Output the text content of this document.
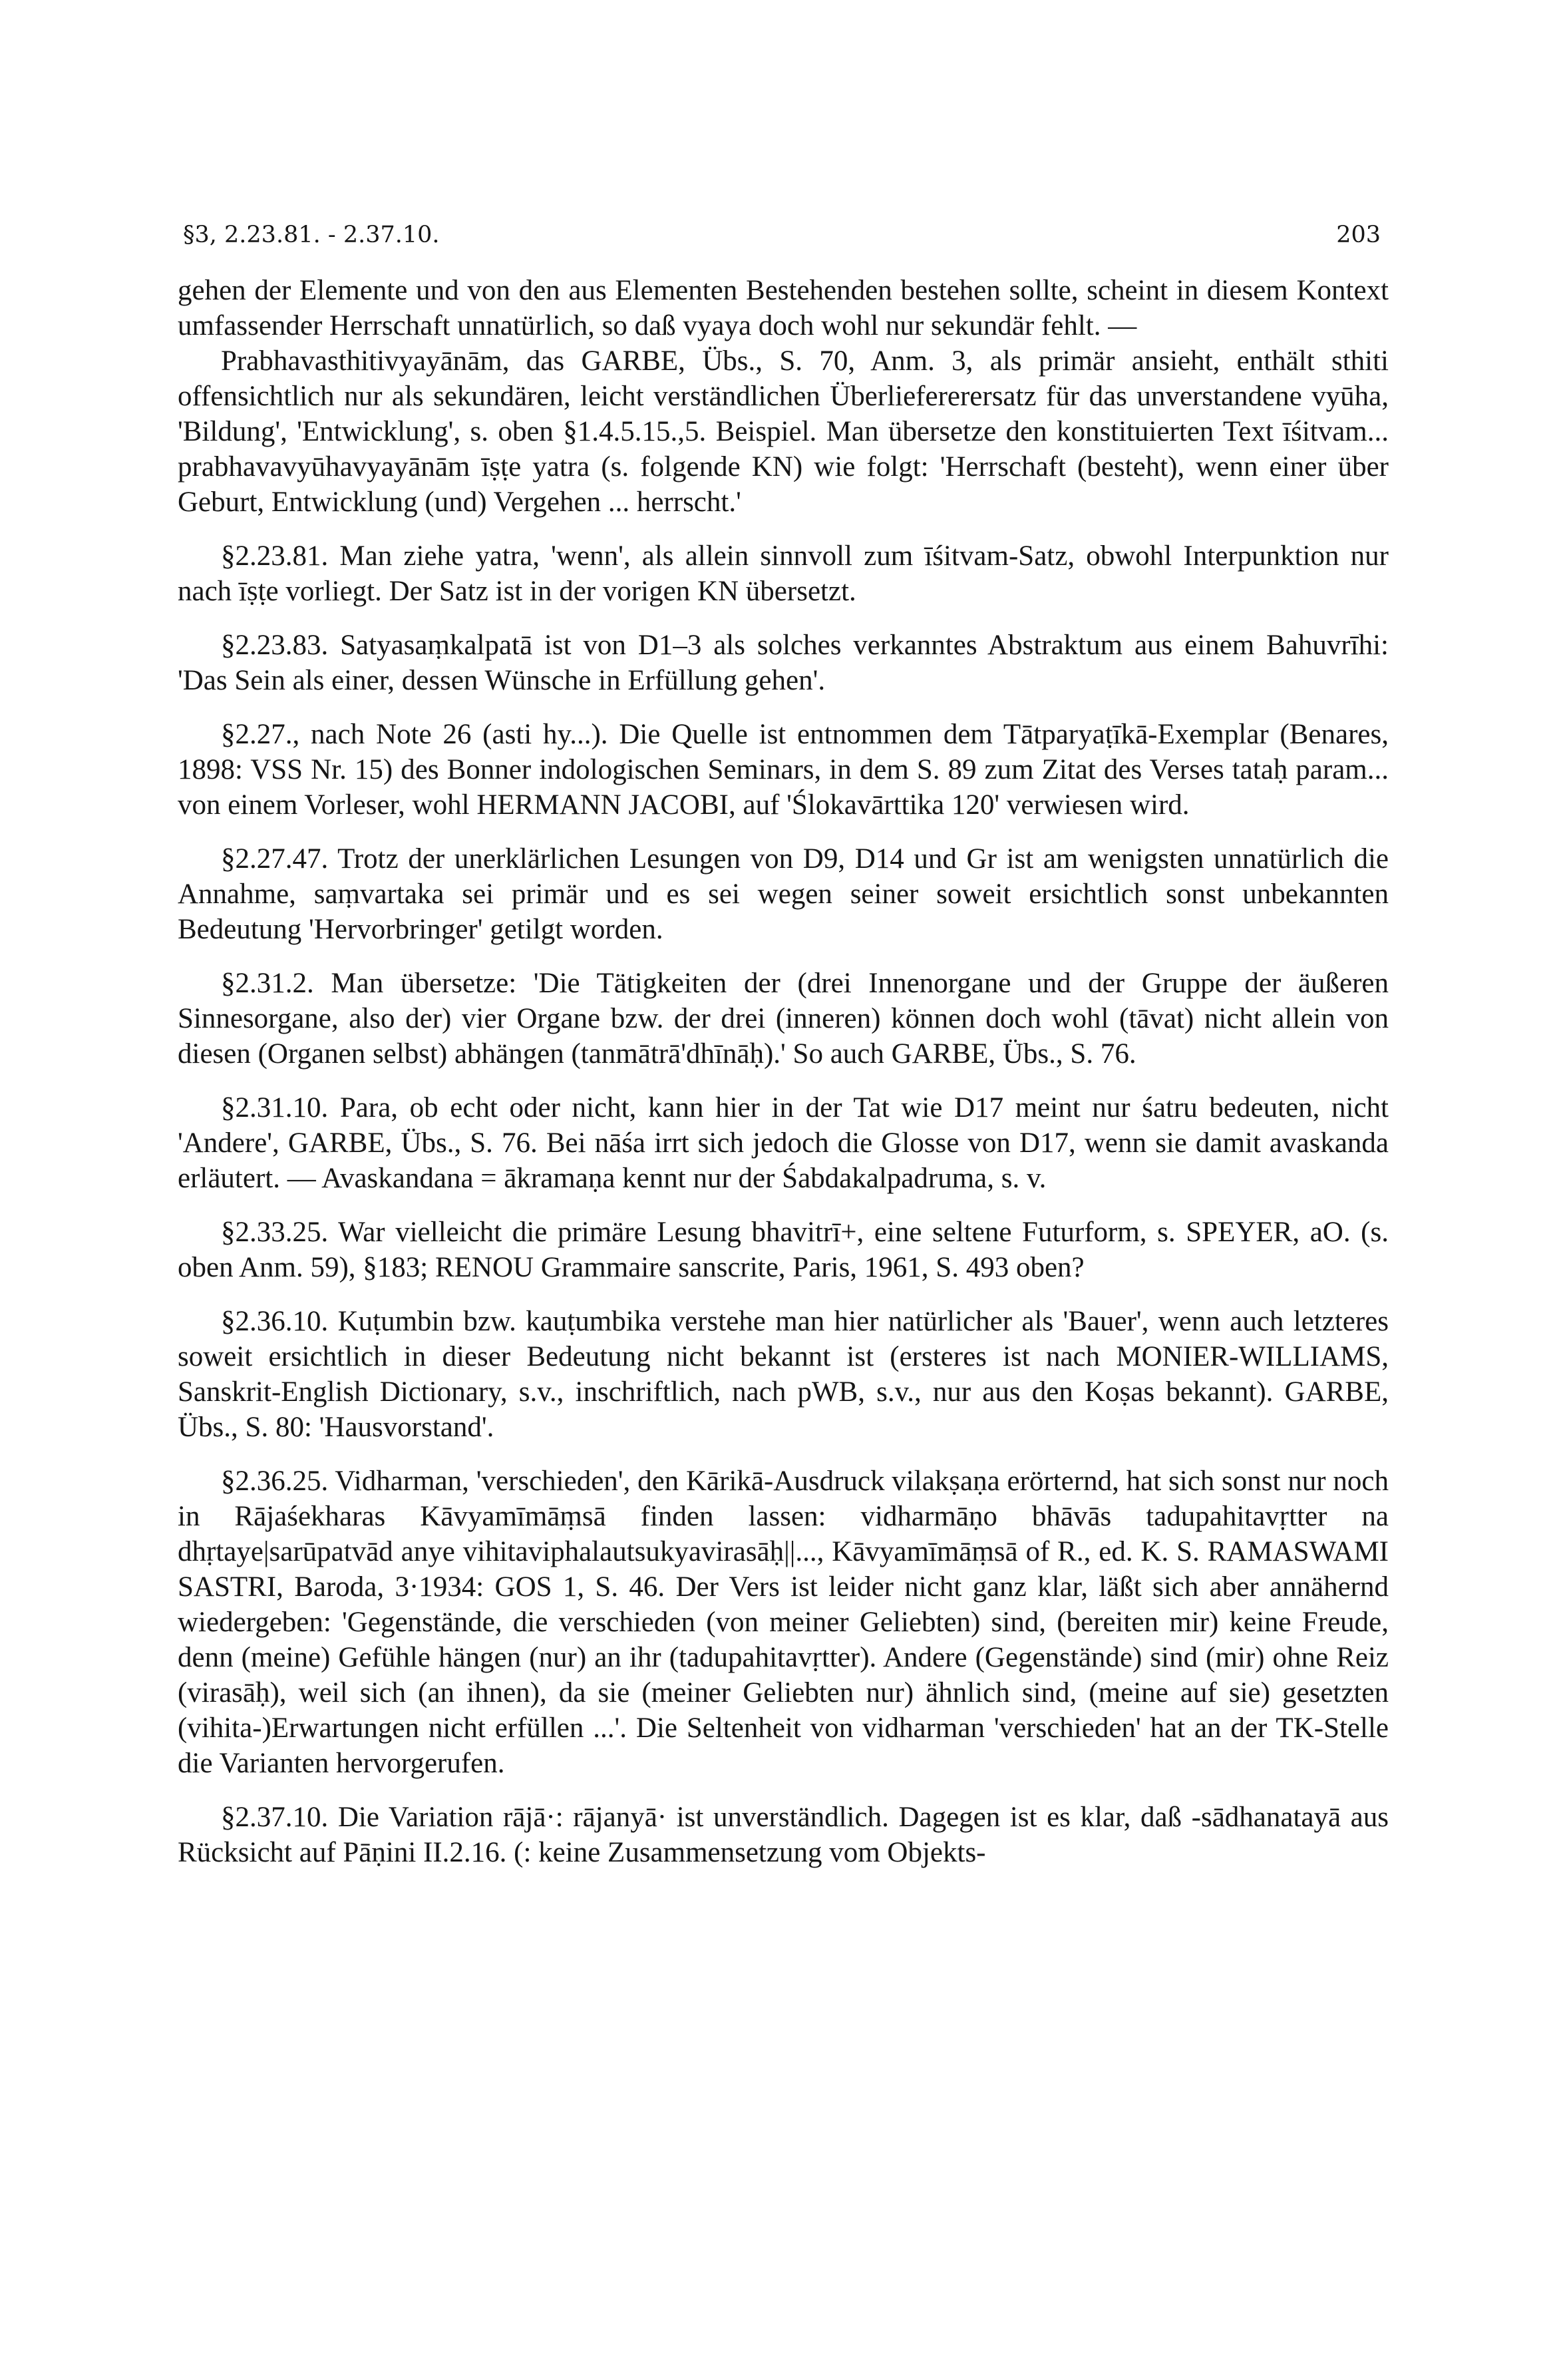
§3, 2.23.81. - 2.37.10.	203

gehen der Elemente und von den aus Elementen Bestehenden bestehen sollte, scheint in diesem Kontext umfassender Herrschaft unnatürlich, so daß vyaya doch wohl nur sekundär fehlt. —

Prabhavasthitivyayānām, das GARBE, Übs., S. 70, Anm. 3, als primär ansieht, enthält sthiti offensichtlich nur als sekundären, leicht verständlichen Überliefererersatz für das unverstandene vyūha, 'Bildung', 'Entwicklung', s. oben §1.4.5.15.,5. Beispiel. Man übersetze den konstituierten Text īśitvam... prabhavavyūhavyayānām īṣṭe yatra (s. folgende KN) wie folgt: 'Herrschaft (besteht), wenn einer über Geburt, Entwicklung (und) Vergehen ... herrscht.'

§2.23.81. Man ziehe yatra, 'wenn', als allein sinnvoll zum īśitvam-Satz, obwohl Interpunktion nur nach īṣṭe vorliegt. Der Satz ist in der vorigen KN übersetzt.

§2.23.83. Satyasaṃkalpatā ist von D1–3 als solches verkanntes Abstraktum aus einem Bahuvrīhi: 'Das Sein als einer, dessen Wünsche in Erfüllung gehen'.

§2.27., nach Note 26 (asti hy...). Die Quelle ist entnommen dem Tātparyaṭīkā-Exemplar (Benares, 1898: VSS Nr. 15) des Bonner indologischen Seminars, in dem S. 89 zum Zitat des Verses tataḥ param... von einem Vorleser, wohl HERMANN JACOBI, auf 'Ślokavārttika 120' verwiesen wird.

§2.27.47. Trotz der unerklärlichen Lesungen von D9, D14 und Gr ist am wenigsten unnatürlich die Annahme, saṃvartaka sei primär und es sei wegen seiner soweit ersichtlich sonst unbekannten Bedeutung 'Hervorbringer' getilgt worden.

§2.31.2. Man übersetze: 'Die Tätigkeiten der (drei Innenorgane und der Gruppe der äußeren Sinnesorgane, also der) vier Organe bzw. der drei (inneren) können doch wohl (tāvat) nicht allein von diesen (Organen selbst) abhängen (tanmātrā'dhīnāḥ).' So auch GARBE, Übs., S. 76.

§2.31.10. Para, ob echt oder nicht, kann hier in der Tat wie D17 meint nur śatru bedeuten, nicht 'Andere', GARBE, Übs., S. 76. Bei nāśa irrt sich jedoch die Glosse von D17, wenn sie damit avaskanda erläutert. — Avaskandana = ākramaṇa kennt nur der Śabdakalpadruma, s. v.

§2.33.25. War vielleicht die primäre Lesung bhavitrī+, eine seltene Futurform, s. SPEYER, aO. (s. oben Anm. 59), §183; RENOU Grammaire sanscrite, Paris, 1961, S. 493 oben?

§2.36.10. Kuṭumbin bzw. kauṭumbika verstehe man hier natürlicher als 'Bauer', wenn auch letzteres soweit ersichtlich in dieser Bedeutung nicht bekannt ist (ersteres ist nach MONIER-WILLIAMS, Sanskrit-English Dictionary, s.v., inschriftlich, nach pWB, s.v., nur aus den Koṣas bekannt). GARBE, Übs., S. 80: 'Hausvorstand'.

§2.36.25. Vidharman, 'verschieden', den Kārikā-Ausdruck vilakṣaṇa erörternd, hat sich sonst nur noch in Rājaśekharas Kāvyamīmāṃsā finden lassen: vidharmāṇo bhāvās tadupahitavṛtter na dhṛtaye|sarūpatvād anye vihitaviphalautsukyavirasāḥ||..., Kāvyamīmāṃsā of R., ed. K. S. RAMASWAMI SASTRI, Baroda, 3·1934: GOS 1, S. 46. Der Vers ist leider nicht ganz klar, läßt sich aber annähernd wiedergeben: 'Gegenstände, die verschieden (von meiner Geliebten) sind, (bereiten mir) keine Freude, denn (meine) Gefühle hängen (nur) an ihr (tadupahitavṛtter). Andere (Gegenstände) sind (mir) ohne Reiz (virasāḥ), weil sich (an ihnen), da sie (meiner Geliebten nur) ähnlich sind, (meine auf sie) gesetzten (vihita-)Erwartungen nicht erfüllen ...'. Die Seltenheit von vidharman 'verschieden' hat an der TK-Stelle die Varianten hervorgerufen.

§2.37.10. Die Variation rājā·: rājanyā· ist unverständlich. Dagegen ist es klar, daß -sādhanatayā aus Rücksicht auf Pāṇini II.2.16. (: keine Zusammensetzung vom Objekts-
